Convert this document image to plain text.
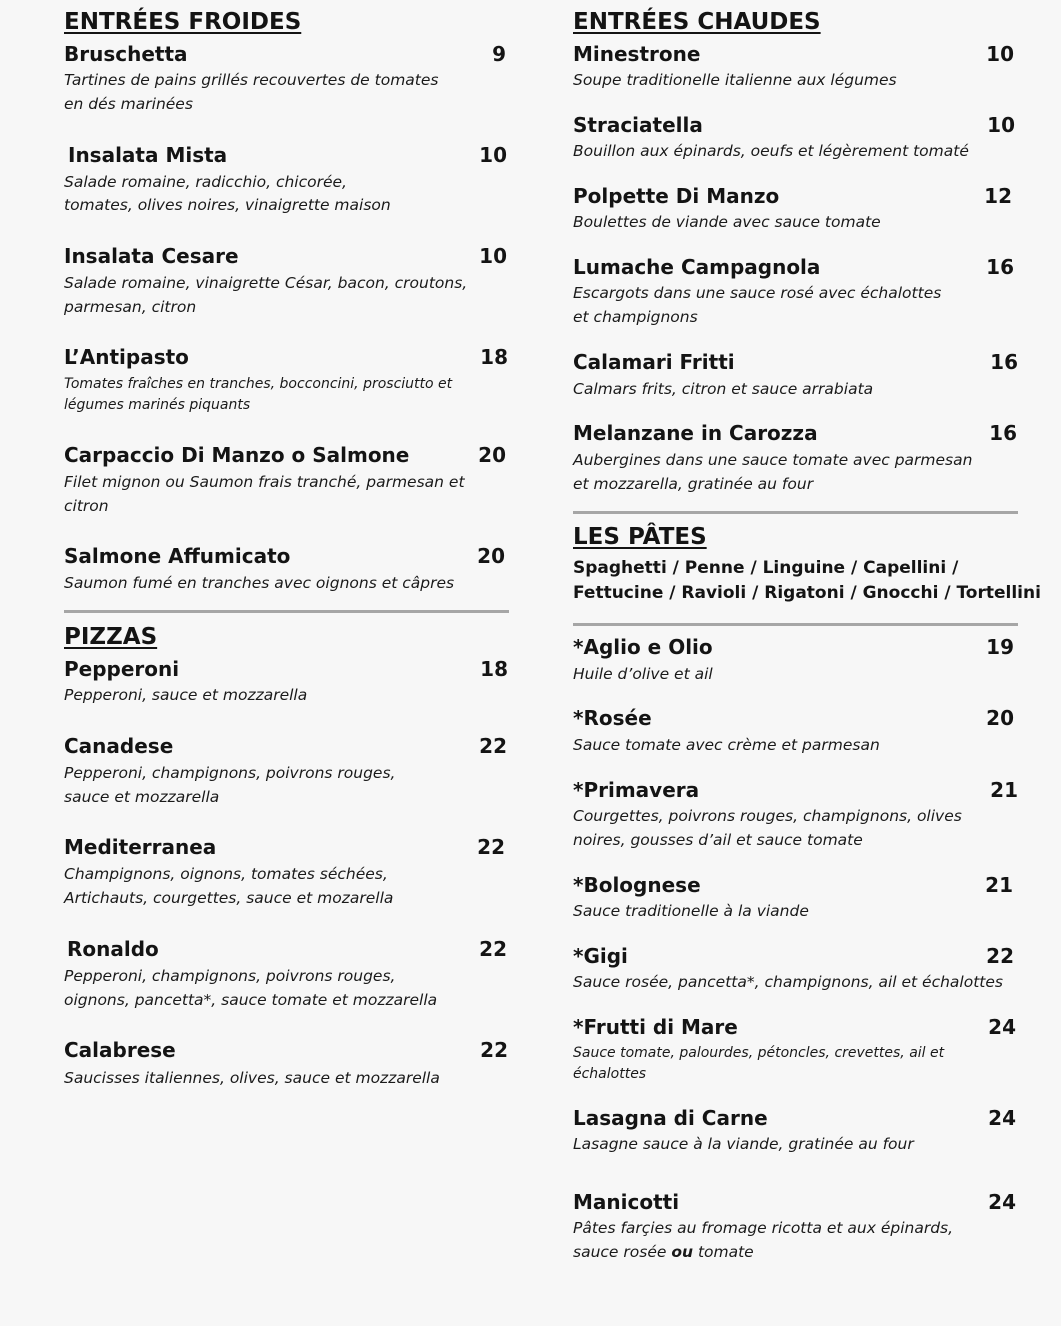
ENTRÉES FROIDES
Bruschetta	9
Tartines de pains grillés recouvertes de tomates
en dés marinées
Insalata Mista	10
Salade romaine, radicchio, chicorée,
tomates, olives noires, vinaigrette maison
Insalata Cesare	10
Salade romaine, vinaigrette César, bacon, croutons,
parmesan, citron
L’Antipasto	18
Tomates fraîches en tranches, bocconcini, prosciutto et
légumes marinés piquants
Carpaccio Di Manzo o Salmone	20
Filet mignon ou Saumon frais tranché, parmesan et
citron
Salmone Affumicato	20
Saumon fumé en tranches avec oignons et câpres
PIZZAS
Pepperoni	18
Pepperoni, sauce et mozzarella
Canadese	22
Pepperoni, champignons, poivrons rouges,
sauce et mozzarella
Mediterranea	22
Champignons, oignons, tomates séchées,
Artichauts, courgettes, sauce et mozarella
Ronaldo	22
Pepperoni, champignons, poivrons rouges,
oignons, pancetta*, sauce tomate et mozzarella
Calabrese	22
Saucisses italiennes, olives, sauce et mozzarella
ENTRÉES CHAUDES
Minestrone	10
Soupe traditionelle italienne aux légumes
Straciatella	10
Bouillon aux épinards, oeufs et légèrement tomaté
Polpette Di Manzo	12
Boulettes de viande avec sauce tomate
Lumache Campagnola	16
Escargots dans une sauce rosé avec échalottes
et champignons
Calamari Fritti	16
Calmars frits, citron et sauce arrabiata
Melanzane in Carozza	16
Aubergines dans une sauce tomate avec parmesan
et mozzarella, gratinée au four
LES PÂTES
Spaghetti / Penne / Linguine / Capellini /
Fettucine / Ravioli / Rigatoni / Gnocchi / Tortellini
*Aglio e Olio	19
Huile d’olive et ail
*Rosée	20
Sauce tomate avec crème et parmesan
*Primavera	21
Courgettes, poivrons rouges, champignons, olives
noires, gousses d’ail et sauce tomate
*Bolognese	21
Sauce traditionelle à la viande
*Gigi	22
Sauce rosée, pancetta*, champignons, ail et échalottes
*Frutti di Mare	24
Sauce tomate, palourdes, pétoncles, crevettes, ail et
échalottes
Lasagna di Carne	24
Lasagne sauce à la viande, gratinée au four
Manicotti	24
Pâtes farçies au fromage ricotta et aux épinards,
sauce rosée ou tomate
